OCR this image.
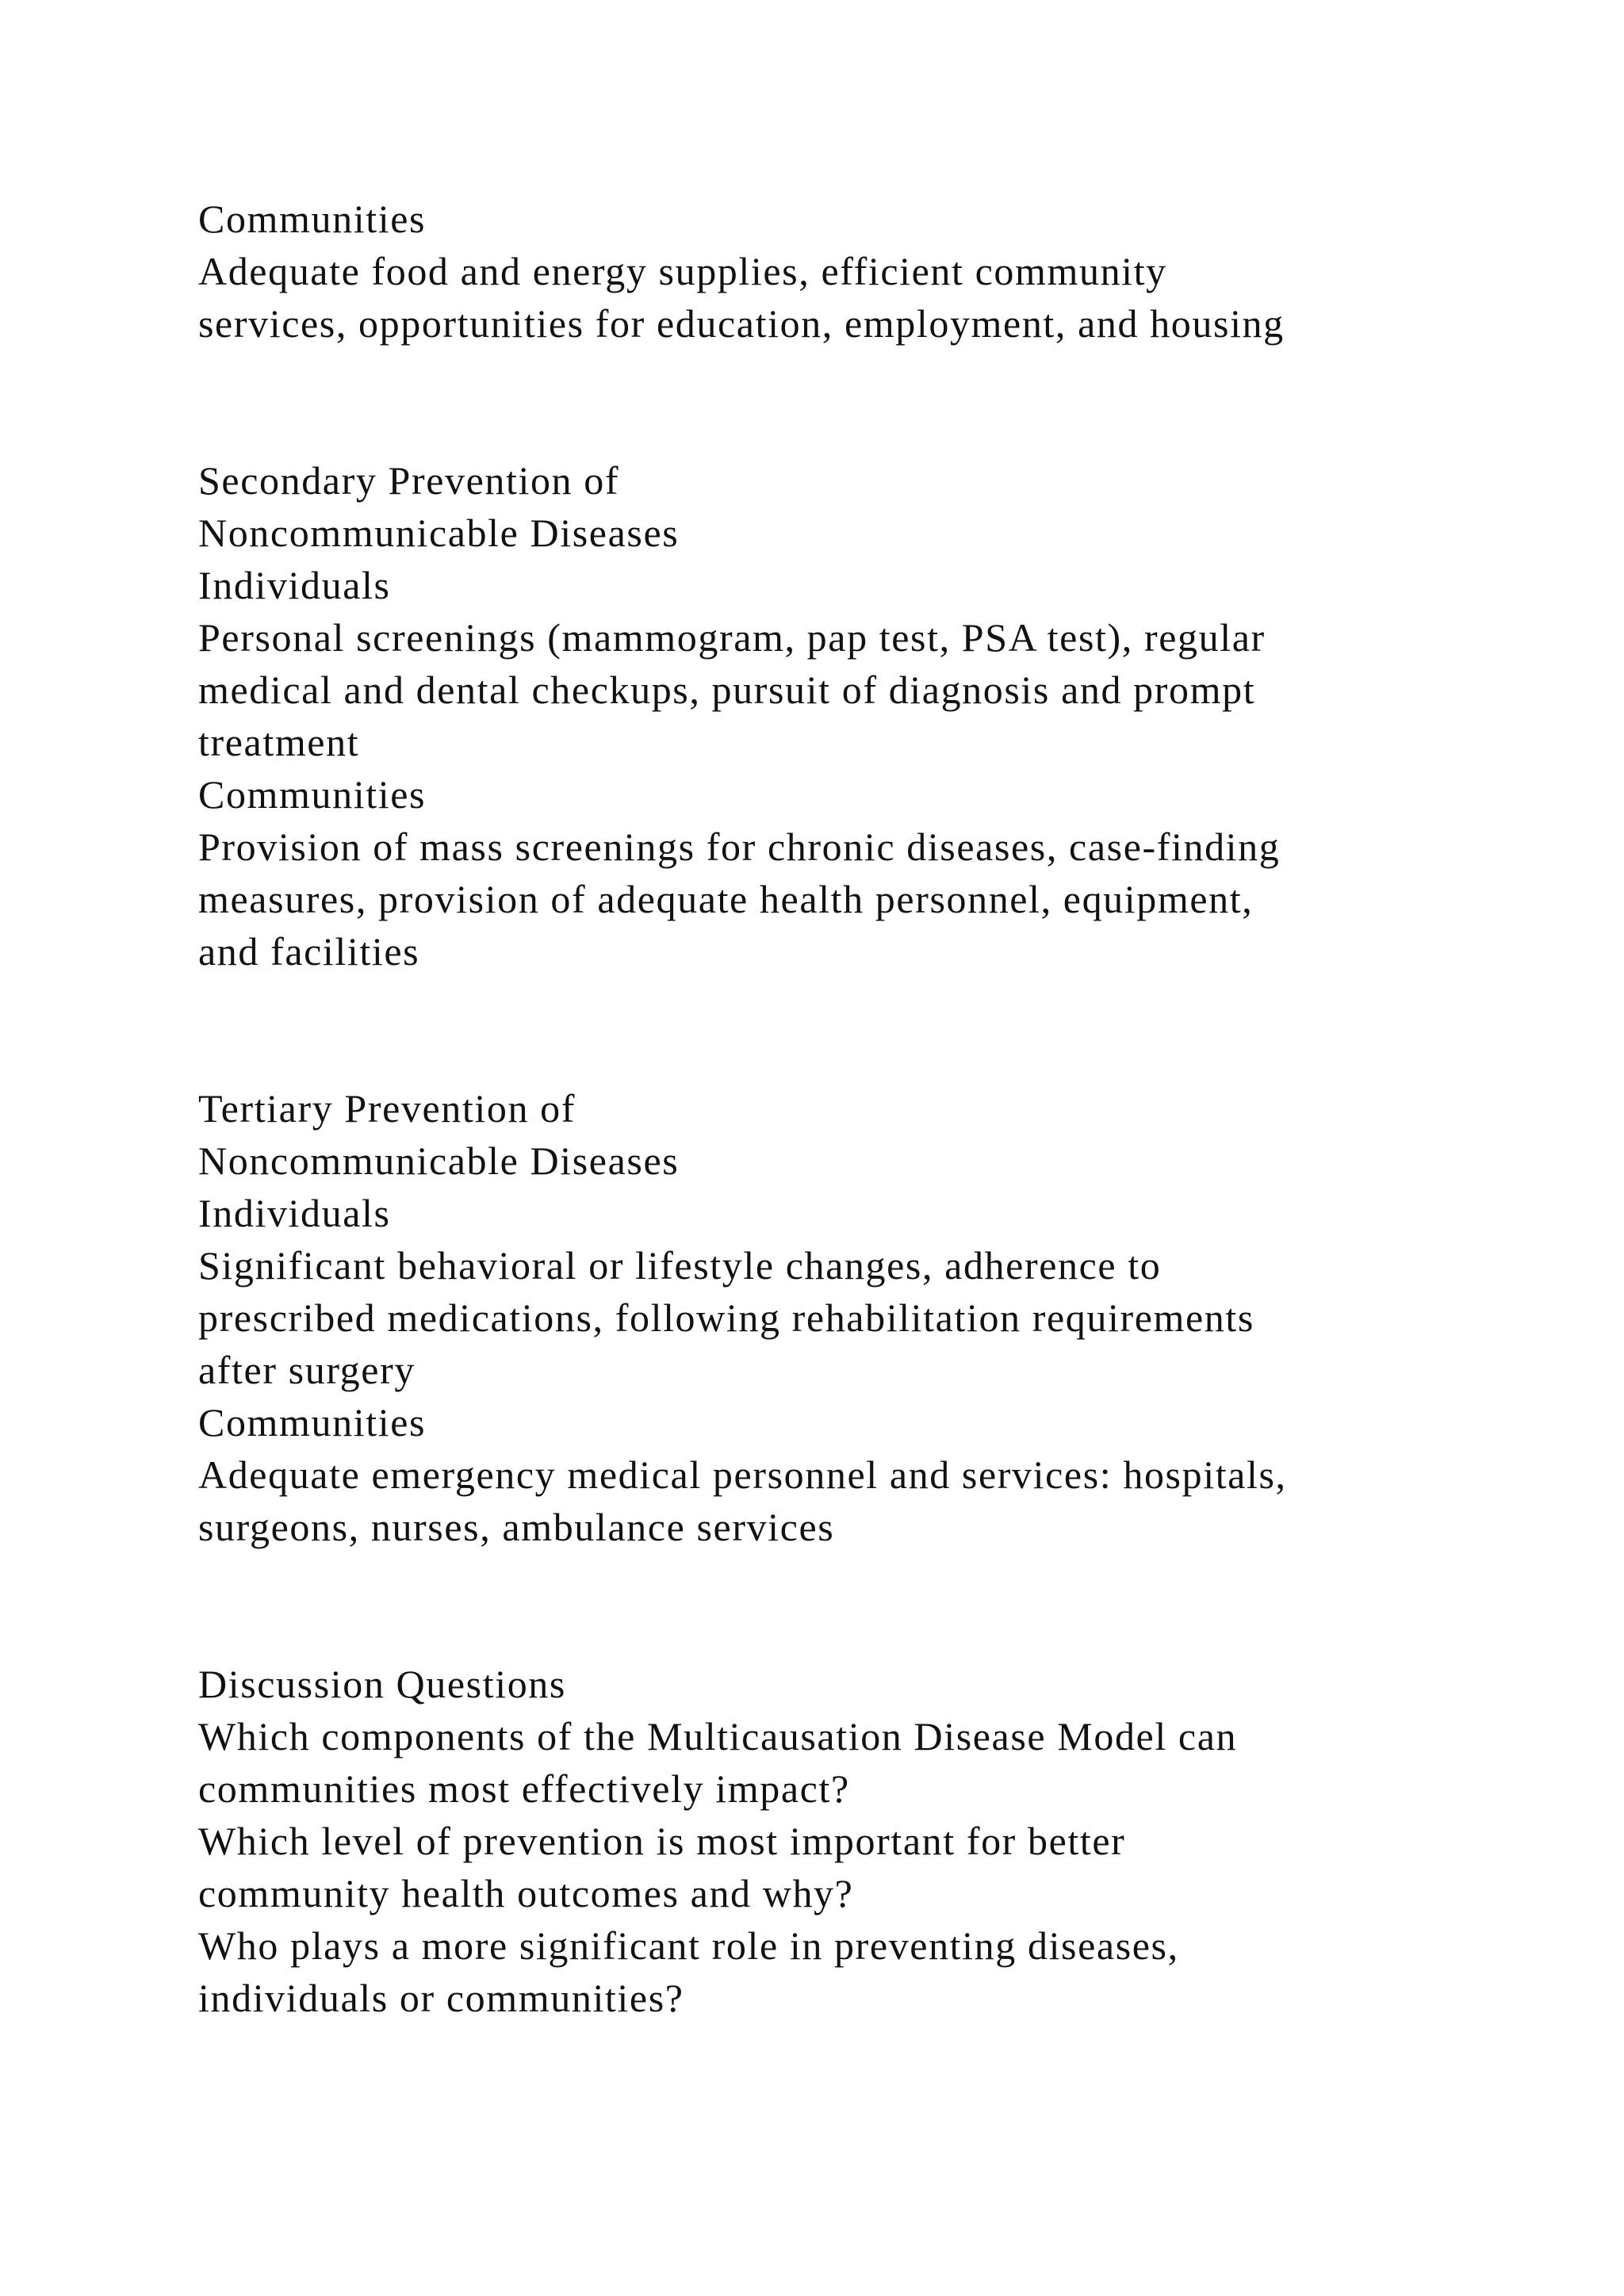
Communities
Adequate food and energy supplies, efficient community
services, opportunities for education, employment, and housing
Secondary Prevention of
Noncommunicable Diseases
Individuals
Personal screenings (mammogram, pap test, PSA test), regular
medical and dental checkups, pursuit of diagnosis and prompt
treatment
Communities
Provision of mass screenings for chronic diseases, case-finding
measures, provision of adequate health personnel, equipment,
and facilities
Tertiary Prevention of
Noncommunicable Diseases
Individuals
Significant behavioral or lifestyle changes, adherence to
prescribed medications, following rehabilitation requirements
after surgery
Communities
Adequate emergency medical personnel and services: hospitals,
surgeons, nurses, ambulance services
Discussion Questions
Which components of the Multicausation Disease Model can
communities most effectively impact?
Which level of prevention is most important for better
community health outcomes and why?
Who plays a more significant role in preventing diseases,
individuals or communities?
